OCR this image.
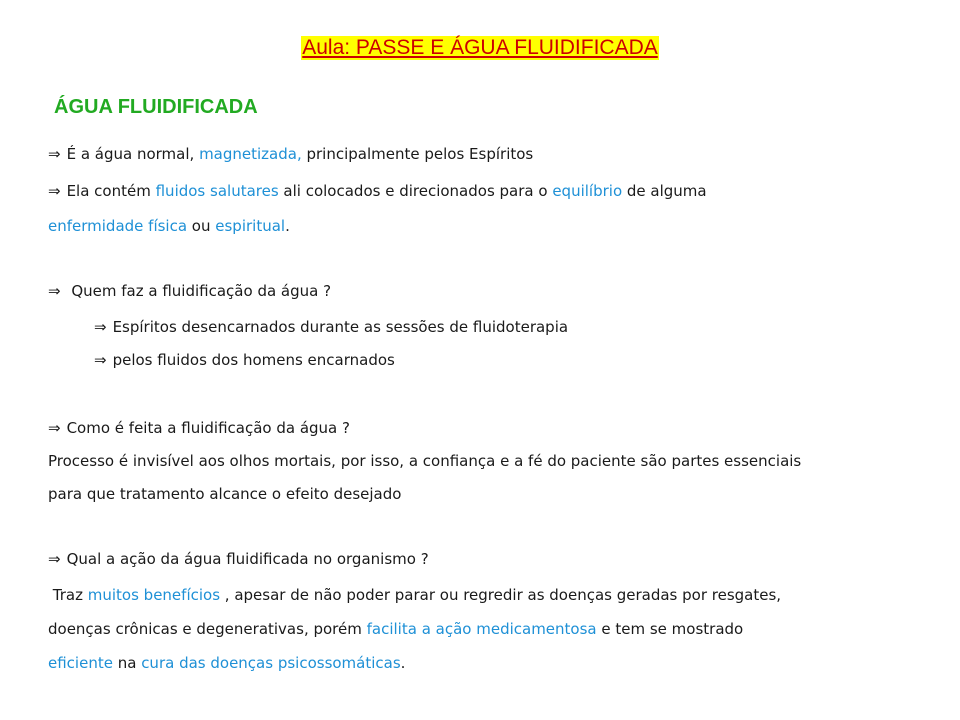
Aula: PASSE E ÁGUA FLUIDIFICADA
ÁGUA FLUIDIFICADA
⇒ É a água normal, magnetizada, principalmente pelos Espíritos
⇒ Ela contém fluidos salutares ali colocados e direcionados para o equilíbrio de alguma
enfermidade física ou espiritual.
⇒ Quem faz a fluidificação da água ?
⇒ Espíritos desencarnados durante as sessões de fluidoterapia
⇒ pelos fluidos dos homens encarnados
⇒ Como é feita a fluidificação da água ?
Processo é invisível aos olhos mortais, por isso, a confiança e a fé do paciente são partes essenciais
para que tratamento alcance o efeito desejado
⇒ Qual a ação da água fluidificada no organismo ?
Traz muitos benefícios , apesar de não poder parar ou regredir as doenças geradas por resgates,
doenças crônicas e degenerativas, porém facilita a ação medicamentosa e tem se mostrado
eficiente na cura das doenças psicossomáticas.
